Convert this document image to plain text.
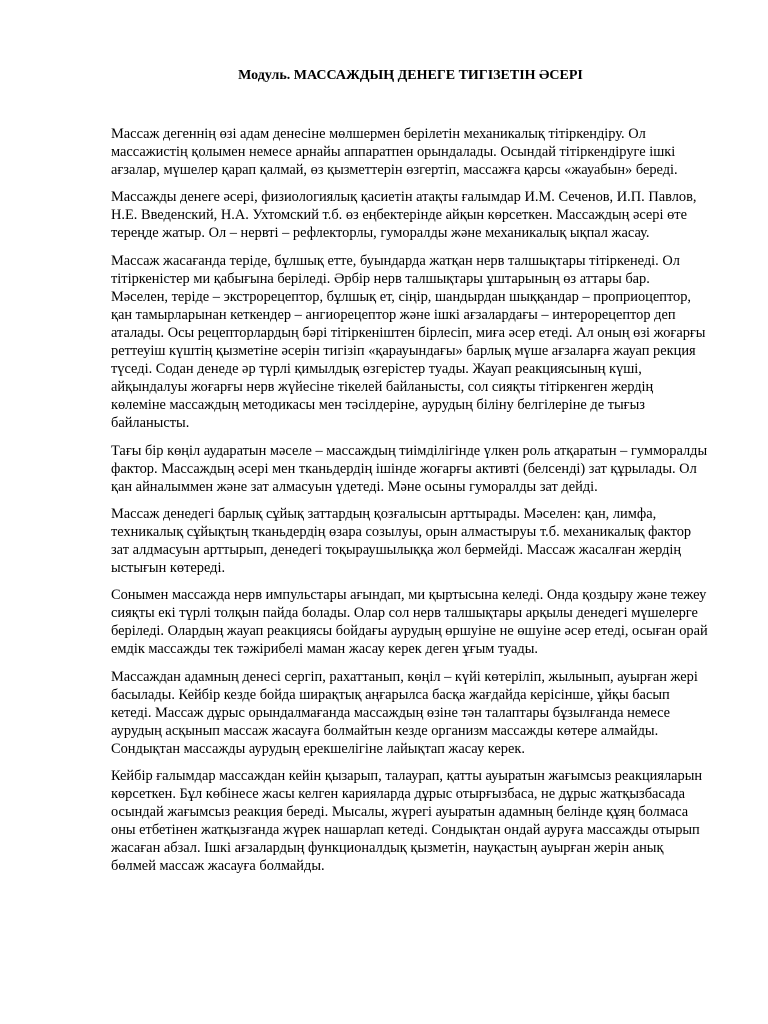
Модуль. МАССАЖДЫҢ ДЕНЕГЕ ТИГІЗЕТІН ӘСЕРІ

Массаж дегеннің өзі адам денесіне мөлшермен берілетін механикалық тітіркендіру. Ол массажистің қолымен немесе арнайы аппаратпен орындалады. Осындай тітіркендіруге ішкі ағзалар, мүшелер қарап қалмай, өз қызметтерін өзгертіп, массажға қарсы «жауабын» береді.

Массажды денеге әсері, физиологиялық қасиетін атақты ғалымдар И.М. Сеченов, И.П. Павлов, Н.Е. Введенский, Н.А. Ухтомский т.б. өз еңбектерінде айқын көрсеткен. Массаждың әсері өте тереңде жатыр. Ол – нервті – рефлекторлы, гуморалды және механикалық ықпал жасау.

Массаж жасағанда теріде, бұлшық етте, буындарда жатқан нерв талшықтары тітіркенеді. Ол тітіркеністер ми қабығына беріледі. Әрбір нерв талшықтары ұштарының өз аттары бар. Мәселен, теріде – экстрорецептор, бұлшық ет, сіңір, шандырдан шыққандар – проприоцептор, қан тамырларынан кеткендер – ангиорецептор және ішкі ағзалардағы – интерорецептор деп аталады. Осы рецепторлардың бәрі тітіркеніштен бірлесіп, миға әсер етеді. Ал оның өзі жоғарғы реттеуіш күштің қызметіне әсерін тигізіп «қарауындағы» барлық мүше ағзаларға жауап рекция түседі. Содан денеде әр түрлі қимылдық өзгерістер туады. Жауап реакциясының күші, айқындалуы жоғарғы нерв жүйесіне тікелей байланысты, сол сияқты тітіркенген жердің көлеміне массаждың методикасы мен тәсілдеріне, аурудың біліну белгілеріне де тығыз байланысты.

Тағы бір көңіл аударатын мәселе – массаждың тиімділігінде үлкен роль атқаратын – гуммoралды фактор. Массаждың әсері мен тканьдердің ішінде жоғарғы активті (белсенді) зат құрылады. Ол қан айналыммен және зат алмасуын үдетеді. Мәне осыны гуморалды зат дейді.

Массаж денедегі барлық сұйық заттардың қозғалысын арттырады. Мәселен: қан, лимфа, техникалық сұйықтың тканьдердің өзара созылуы, орын алмастыруы т.б. механикалық фактор зат алдмасуын арттырып, денедегі тоқыраушылыққа жол бермейді. Массаж жасалған жердің ыстығын көтереді.

Сонымен массажда нерв импульстары ағындап, ми қыртысына келеді. Онда қоздыру және тежеу сияқты екі түрлі толқын пайда болады. Олар сол нерв талшықтары арқылы денедегі мүшелерге беріледі. Олардың жауап реакциясы бойдағы аурудың өршуіне не өшуіне әсер етеді, осыған орай емдік массажды тек тәжірибелі маман жасау керек деген ұғым туады.

Массаждан адамның денесі сергіп, рахаттанып, көңіл – күйі көтеріліп, жылынып, ауырған жері басылады. Кейбір кезде бойда ширақтық аңғарылса басқа жағдайда керісінше, ұйқы басып кетеді. Массаж дұрыс орындалмағанда массаждың өзіне тән талаптары бұзылғанда немесе аурудың асқынып массаж жасауға болмайтын кезде организм массажды көтере алмайды. Сондықтан массажды аурудың ерекшелігіне лайықтап жасау керек.

Кейбір ғалымдар массаждан кейін қызарып, талаурап, қатты ауыратын жағымсыз реакцияларын көрсеткен. Бұл көбінесе жасы келген карияларда дұрыс отырғызбаса, не дұрыс жатқызбасада осындай жағымсыз реакция береді. Мысалы, жүрегі ауыратын адамның белінде құяң болмаса оны етбетінен жатқызғанда жүрек нашарлап кетеді. Сондықтан ондай ауруға массажды отырып жасаған абзал. Ішкі ағзалардың функционалдық қызметін, науқастың ауырған жерін анық бөлмей массаж жасауға болмайды.
